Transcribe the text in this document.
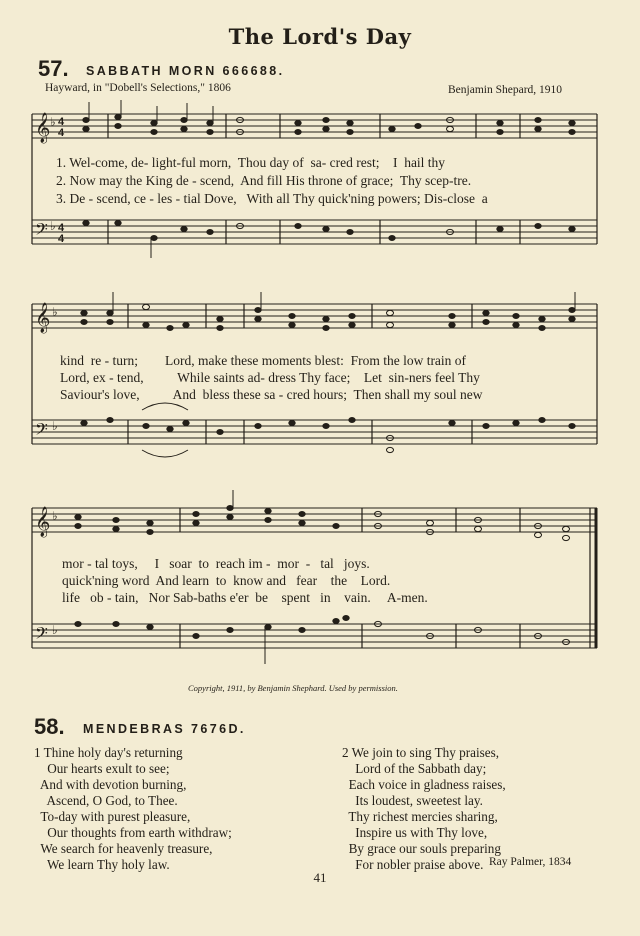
The Lord's Day
57. SABBATH MORN 666688.
Hayward, in "Dobell's Selections," 1806	Benjamin Shepard, 1910
𝄞
𝄢
4
4
4
4
♭
♭
1. Wel-come, de- light-ful morn,  Thou day of  sa- cred rest;    I  hail thy
2. Now may the King de - scend,  And fill His throne of grace;  Thy scep-tre.
3. De - scend, ce - les - tial Dove,   With all Thy quick'ning powers; Dis-close  a
𝄞
𝄢
♭
♭
kind  re - turn;        Lord, make these moments blest:  From the low train of
Lord, ex - tend,          While saints ad- dress Thy face;    Let  sin-ners feel Thy
Saviour's love,          And  bless these sa - cred hours;  Then shall my soul new
𝄞
𝄢
♭
♭
mor - tal toys,     I   soar  to  reach im -  mor  -   tal   joys.
quick'ning word  And learn  to  know and   fear    the    Lord.
life   ob - tain,   Nor Sab-baths e'er  be    spent   in    vain.     A-men.
Copyright, 1911, by Benjamin Shephard. Used by permission.
58. MENDEBRAS 7676D.
1 Thine holy day's returning
Our hearts exult to see;
And with devotion burning,
Ascend, O God, to Thee.
To-day with purest pleasure,
Our thoughts from earth withdraw;
We search for heavenly treasure,
We learn Thy holy law.
2 We join to sing Thy praises,
Lord of the Sabbath day;
Each voice in gladness raises,
Its loudest, sweetest lay.
Thy richest mercies sharing,
Inspire us with Thy love,
By grace our souls preparing
For nobler praise above. Ray Palmer, 1834
41
